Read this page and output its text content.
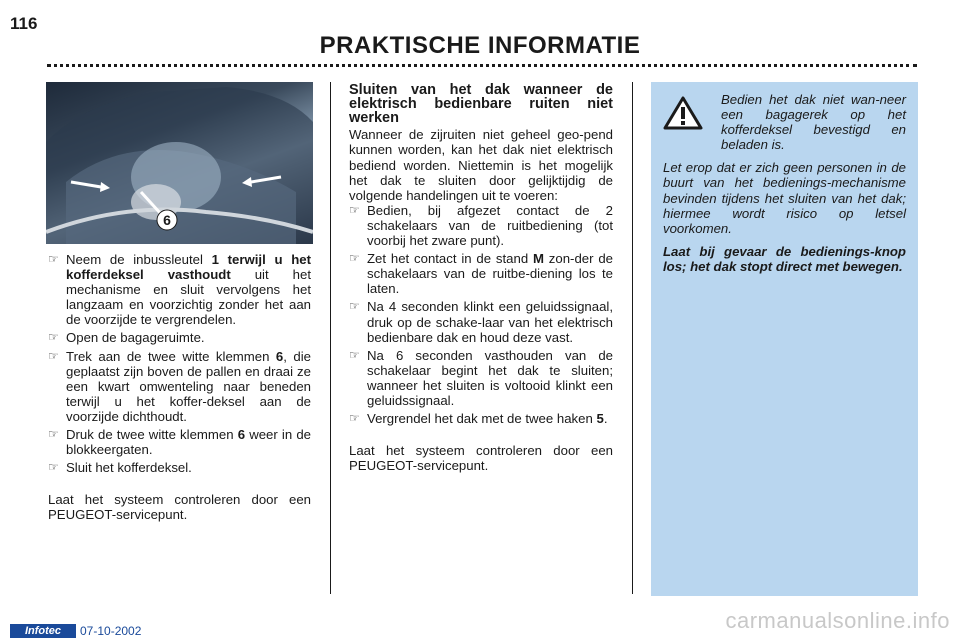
116
PRAKTISCHE INFORMATIE
6
☞ Neem de inbussleutel 1 terwijl u het kofferdeksel vasthoudt uit het mechanisme en sluit vervolgens het langzaam en voorzichtig zonder het aan de voorzijde te vergrendelen.
☞ Open de bagageruimte.
☞ Trek aan de twee witte klemmen 6, die geplaatst zijn boven de pallen en draai ze een kwart omwenteling naar beneden terwijl u het koffer-deksel aan de voorzijde dichthoudt.
☞ Druk de twee witte klemmen 6 weer in de blokkeergaten.
☞ Sluit het kofferdeksel.

Laat het systeem controleren door een PEUGEOT-servicepunt.

Sluiten van het dak wanneer de elektrisch bedienbare ruiten niet werken

Wanneer de zijruiten niet geheel geo-pend kunnen worden, kan het dak niet elektrisch bediend worden. Niettemin is het mogelijk het dak te sluiten door gelijktijdig de volgende handelingen uit te voeren:

☞ Bedien, bij afgezet contact de 2 schakelaars van de ruitbediening (tot voorbij het zware punt).
☞ Zet het contact in de stand M zon-der de schakelaars van de ruitbe-diening los te laten.
☞ Na 4 seconden klinkt een geluidssignaal, druk op de schake-laar van het elektrisch bedienbare dak en houd deze vast.
☞ Na 6 seconden vasthouden van de schakelaar begint het dak te sluiten; wanneer het sluiten is voltooid klinkt een geluidssignaal.
☞ Vergrendel het dak met de twee haken 5.

Laat het systeem controleren door een PEUGEOT-servicepunt.

Bedien het dak niet wan-neer een bagagerek op het kofferdeksel bevestigd en beladen is.

Let erop dat er zich geen personen in de buurt van het bedienings-mechanisme bevinden tijdens het sluiten van het dak; hiermee wordt risico op letsel voorkomen.

Laat bij gevaar de bedienings-knop los; het dak stopt direct met bewegen.

Infotec	07-10-2002	carmanualsonline.info
